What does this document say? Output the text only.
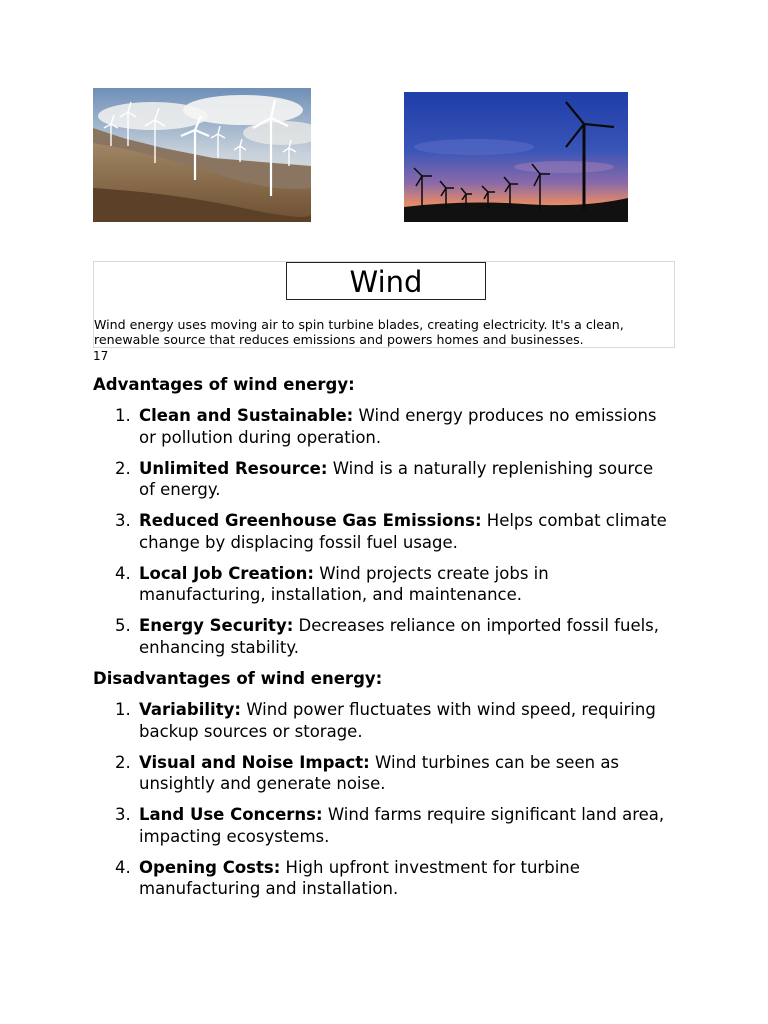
Wind
Wind energy uses moving air to spin turbine blades, creating electricity. It's a clean, renewable source that reduces emissions and powers homes and businesses.
17
Advantages of wind energy:
1. Clean and Sustainable: Wind energy produces no emissions or pollution during operation.
2. Unlimited Resource: Wind is a naturally replenishing source of energy.
3. Reduced Greenhouse Gas Emissions: Helps combat climate change by displacing fossil fuel usage.
4. Local Job Creation: Wind projects create jobs in manufacturing, installation, and maintenance.
5. Energy Security: Decreases reliance on imported fossil fuels, enhancing stability.
Disadvantages of wind energy:
1. Variability: Wind power fluctuates with wind speed, requiring backup sources or storage.
2. Visual and Noise Impact: Wind turbines can be seen as unsightly and generate noise.
3. Land Use Concerns: Wind farms require significant land area, impacting ecosystems.
4. Opening Costs: High upfront investment for turbine manufacturing and installation.
